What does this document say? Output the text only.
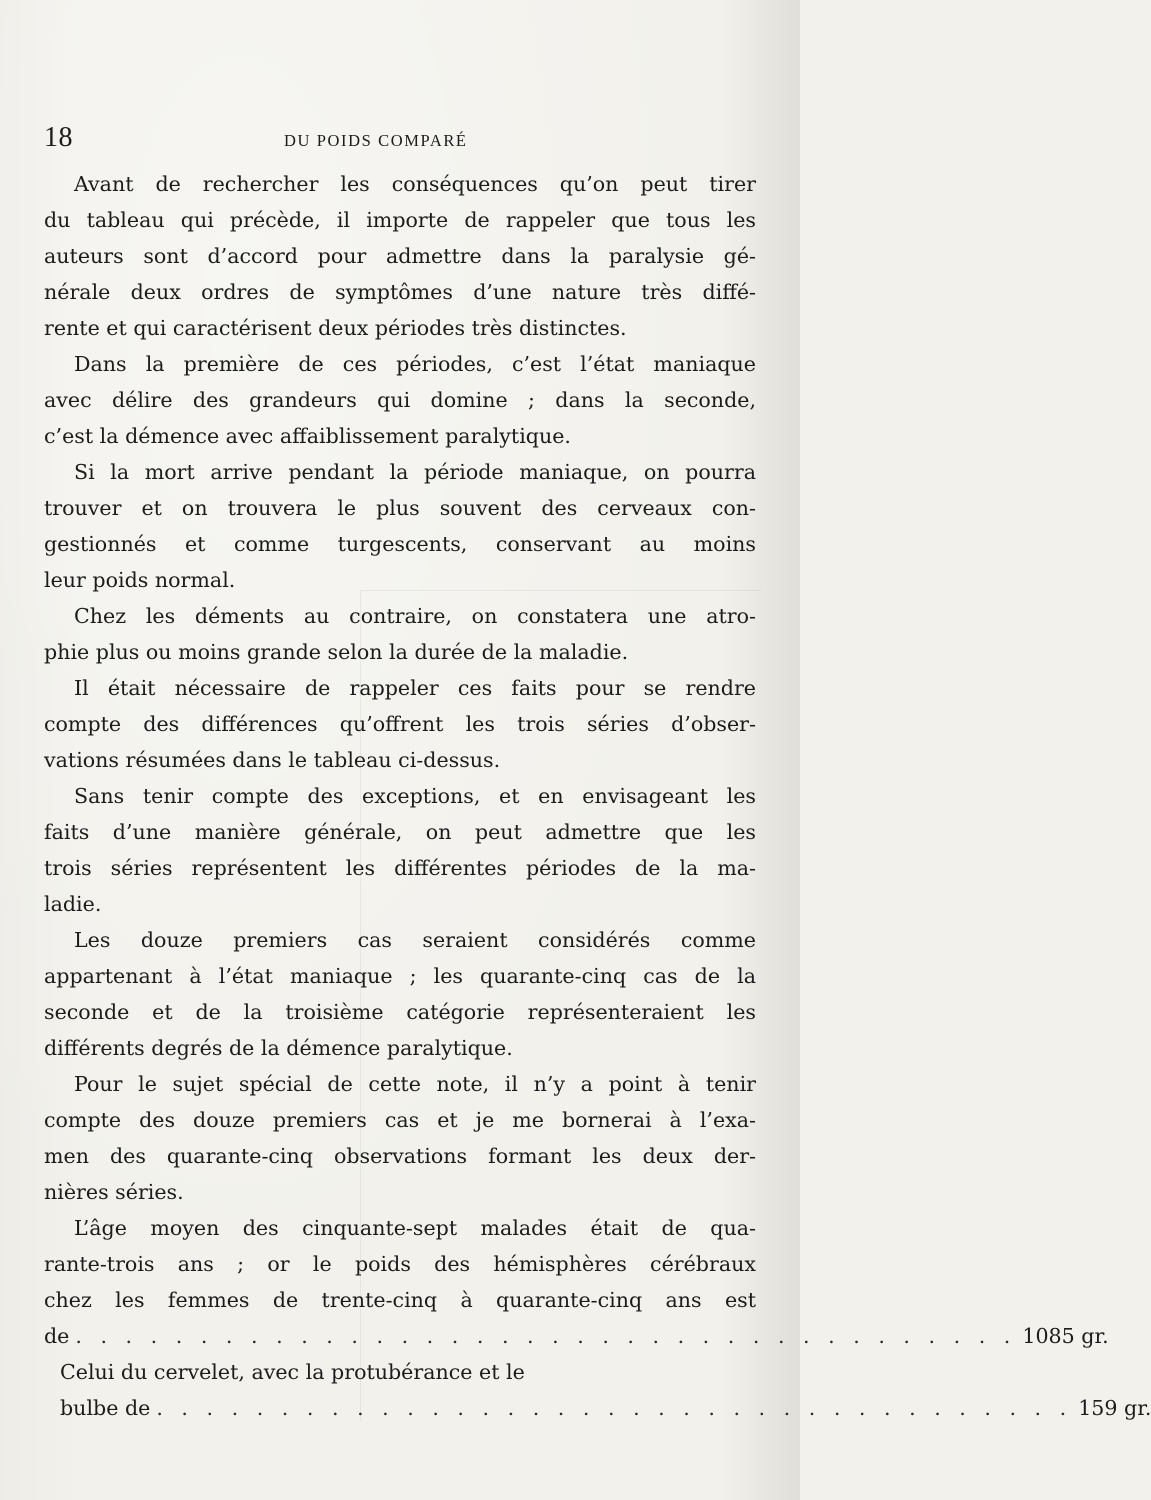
18	DU POIDS COMPARÉ
Avant de rechercher les conséquences qu’on peut tirer
du tableau qui précède, il importe de rappeler que tous les
auteurs sont d’accord pour admettre dans la paralysie gé-
nérale deux ordres de symptômes d’une nature très diffé-
rente et qui caractérisent deux périodes très distinctes.
Dans la première de ces périodes, c’est l’état maniaque
avec délire des grandeurs qui domine ; dans la seconde,
c’est la démence avec affaiblissement paralytique.
Si la mort arrive pendant la période maniaque, on pourra
trouver et on trouvera le plus souvent des cerveaux con-
gestionnés et comme turgescents, conservant au moins
leur poids normal.
Chez les déments au contraire, on constatera une atro-
phie plus ou moins grande selon la durée de la maladie.
Il était nécessaire de rappeler ces faits pour se rendre
compte des différences qu’offrent les trois séries d’obser-
vations résumées dans le tableau ci-dessus.
Sans tenir compte des exceptions, et en envisageant les
faits d’une manière générale, on peut admettre que les
trois séries représentent les différentes périodes de la ma-
ladie.
Les douze premiers cas seraient considérés comme
appartenant à l’état maniaque ; les quarante-cinq cas de la
seconde et de la troisième catégorie représenteraient les
différents degrés de la démence paralytique.
Pour le sujet spécial de cette note, il n’y a point à tenir
compte des douze premiers cas et je me bornerai à l’exa-
men des quarante-cinq observations formant les deux der-
nières séries.
L’âge moyen des cinquante-sept malades était de qua-
rante-trois ans ; or le poids des hémisphères cérébraux
chez les femmes de trente-cinq à quarante-cinq ans est
de . . . . . . . . . . . . . . . . . . . . . . . . . . . . . . . . . . . . . . 1085 gr.
Celui du cervelet, avec la protubérance et le
bulbe de . . . . . . . . . . . . . . . . . . . . . . . . . . . . . . . . . . . . . 159 gr.
